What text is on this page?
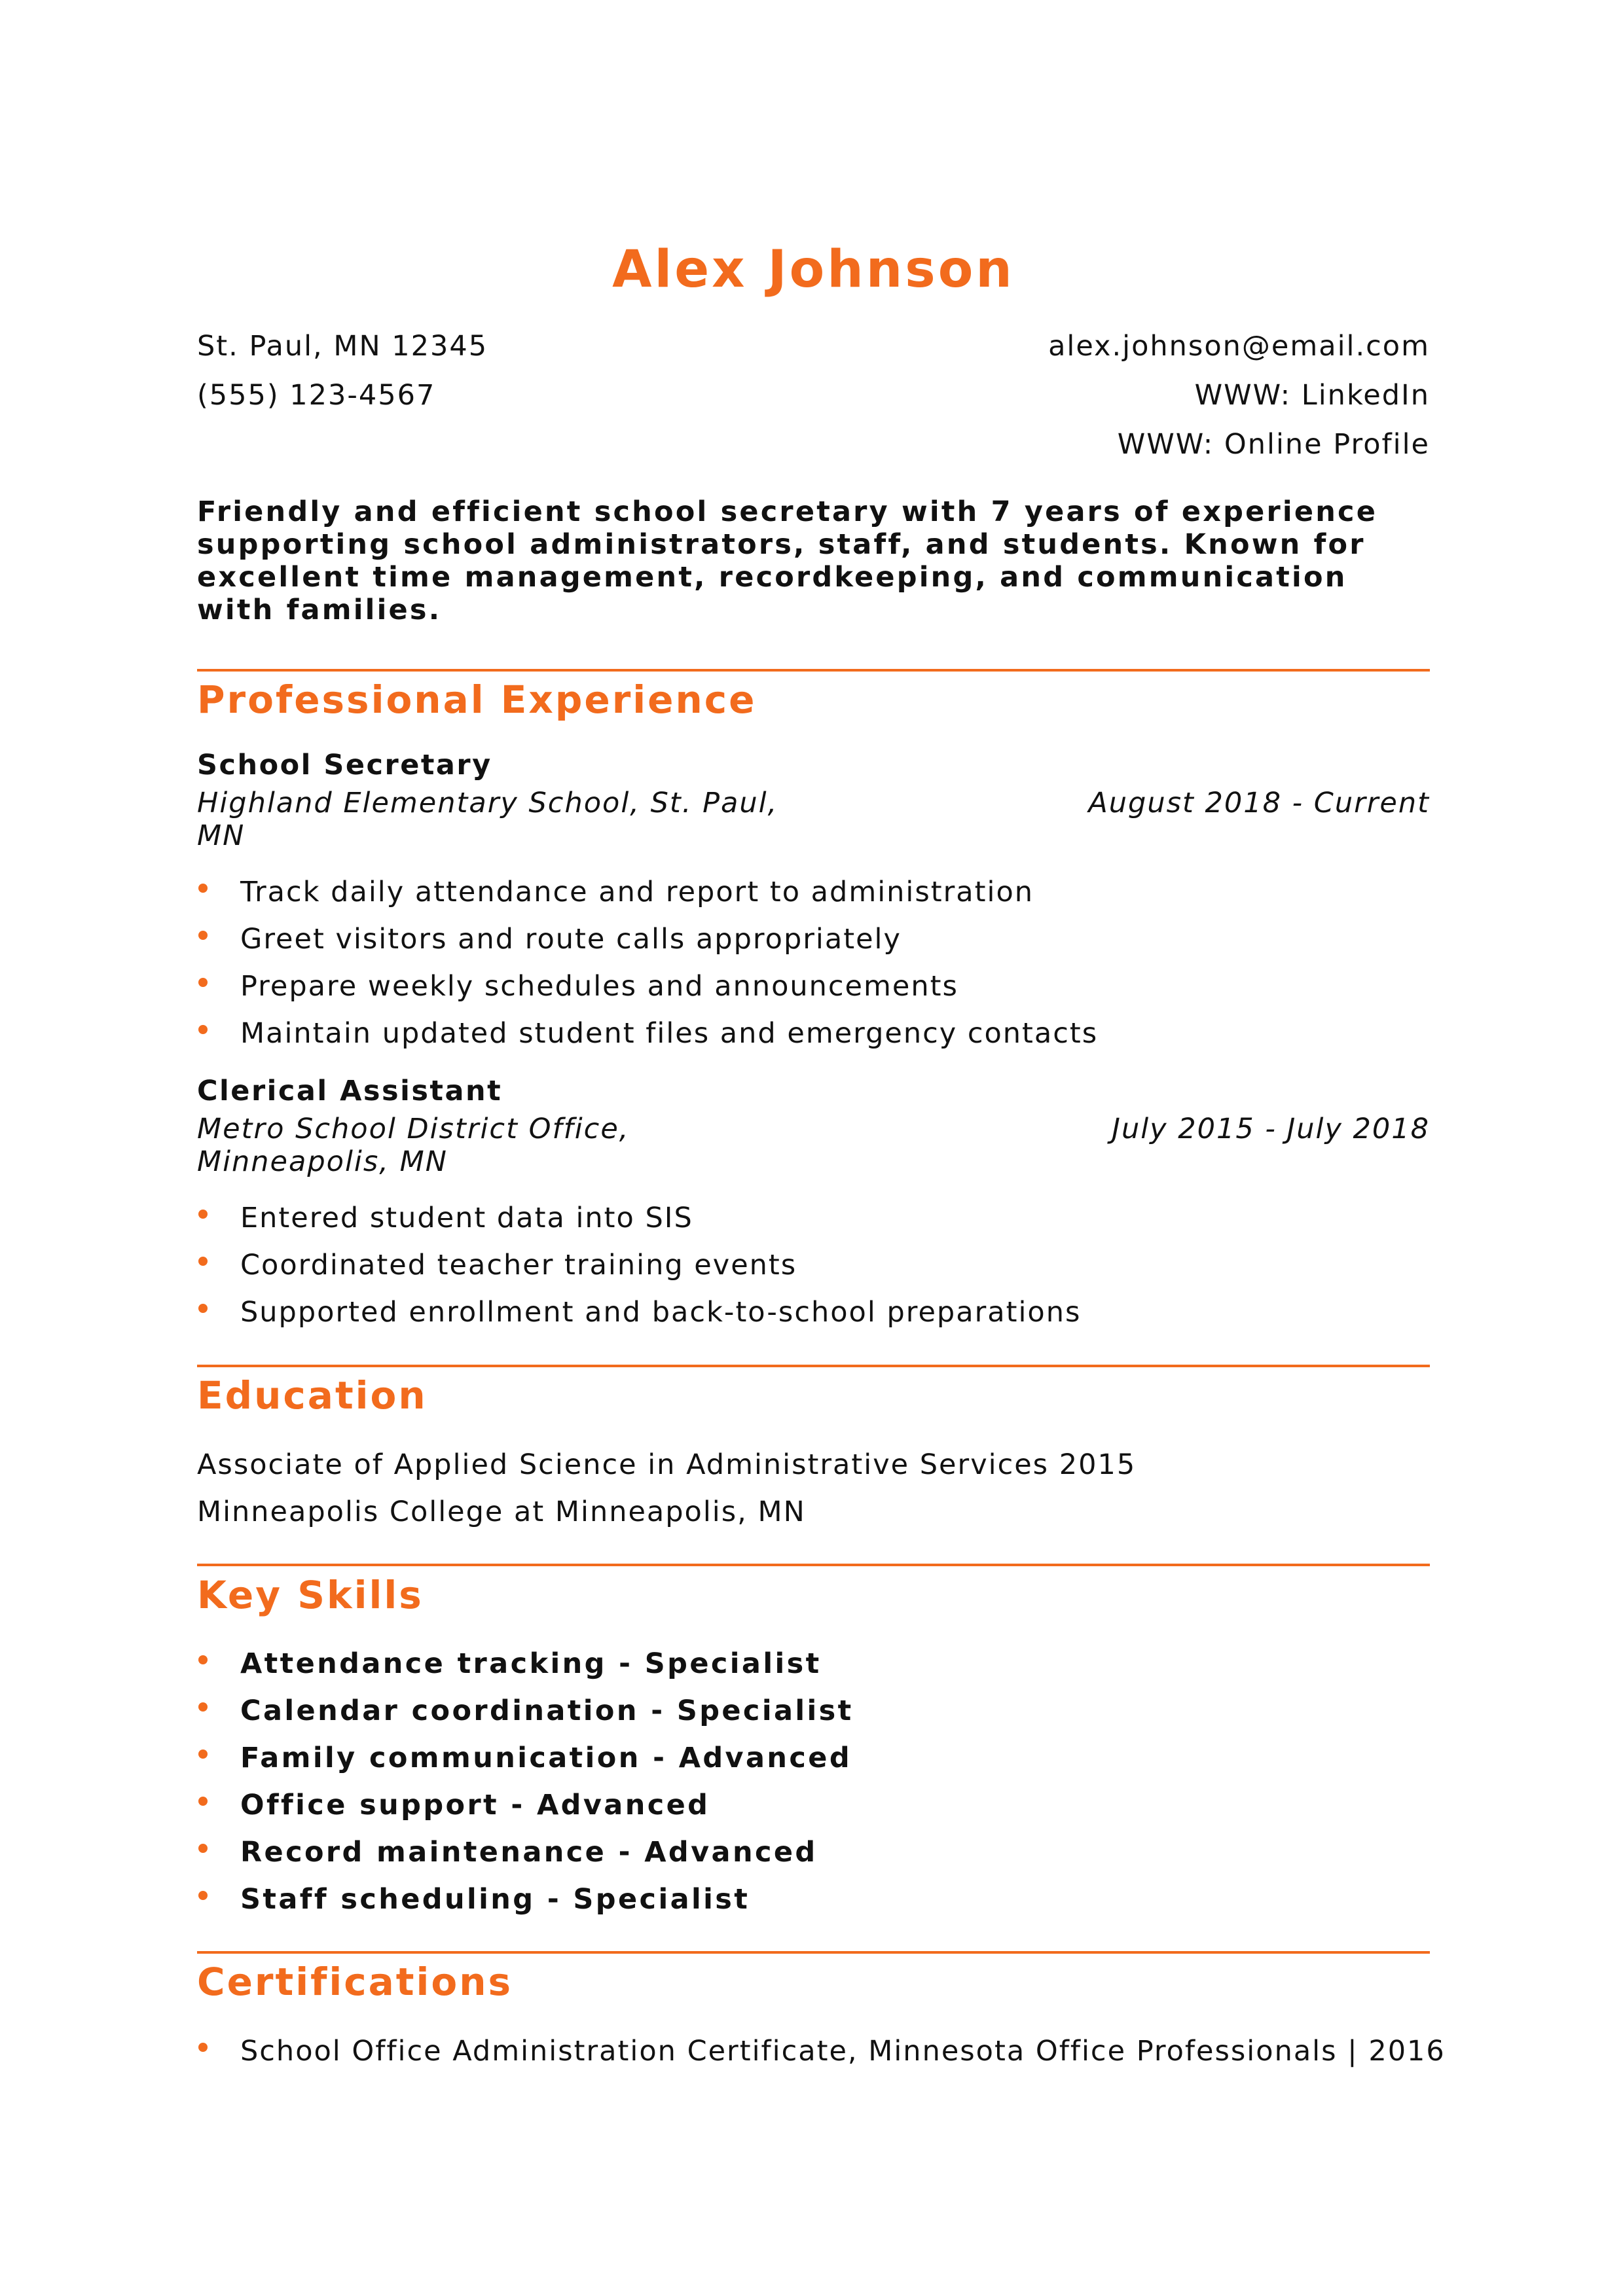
Alex Johnson
St. Paul, MN 12345
(555) 123-4567
alex.johnson@email.com
WWW: LinkedIn
WWW: Online Profile
Friendly and efficient school secretary with 7 years of experience supporting school administrators, staff, and students. Known for excellent time management, recordkeeping, and communication with families.
Professional Experience
School Secretary
Highland Elementary School, St. Paul,
MN
August 2018 - Current
Track daily attendance and report to administration
Greet visitors and route calls appropriately
Prepare weekly schedules and announcements
Maintain updated student files and emergency contacts
Clerical Assistant
Metro School District Office,
Minneapolis, MN
July 2015 - July 2018
Entered student data into SIS
Coordinated teacher training events
Supported enrollment and back-to-school preparations
Education
Associate of Applied Science in Administrative Services 2015
Minneapolis College at Minneapolis, MN
Key Skills
Attendance tracking - Specialist
Calendar coordination - Specialist
Family communication - Advanced
Office support - Advanced
Record maintenance - Advanced
Staff scheduling - Specialist
Certifications
School Office Administration Certificate, Minnesota Office Professionals | 2016
